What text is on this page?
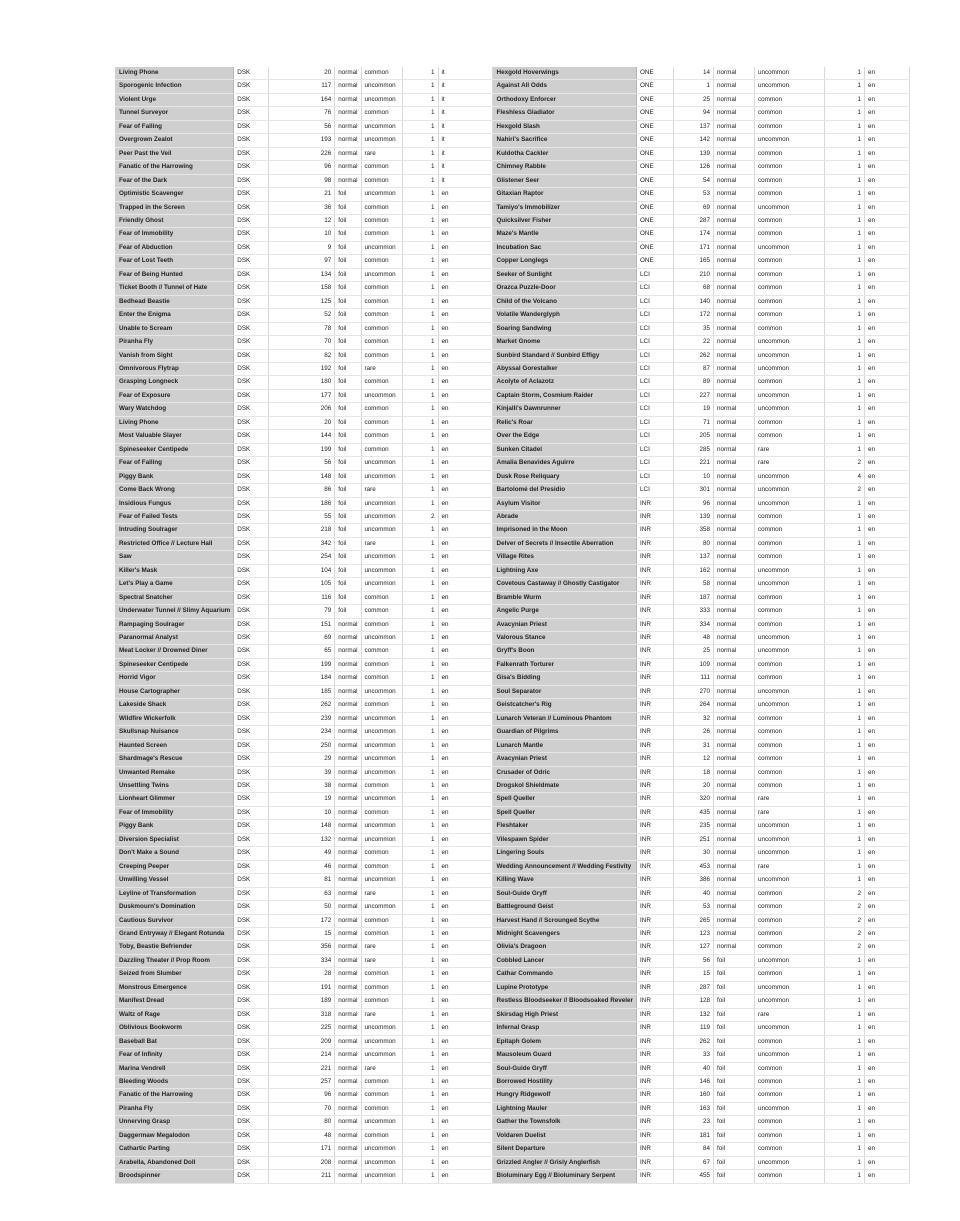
Living Phone	DSK	20	normal	common	1	it
Sporogenic Infection	DSK	117	normal	uncommon	1	it
Violent Urge	DSK	164	normal	uncommon	1	it
Tunnel Surveyor	DSK	76	normal	common	1	it
Fear of Falling	DSK	56	normal	uncommon	1	it
Overgrown Zealot	DSK	193	normal	uncommon	1	it
Peer Past the Veil	DSK	226	normal	rare	1	it
Fanatic of the Harrowing	DSK	96	normal	common	1	it
Fear of the Dark	DSK	98	normal	common	1	it
Optimistic Scavenger	DSK	21	foil	uncommon	1	en
Trapped in the Screen	DSK	36	foil	common	1	en
Friendly Ghost	DSK	12	foil	common	1	en
Fear of Immobility	DSK	10	foil	common	1	en
Fear of Abduction	DSK	9	foil	uncommon	1	en
Fear of Lost Teeth	DSK	97	foil	common	1	en
Fear of Being Hunted	DSK	134	foil	uncommon	1	en
Ticket Booth // Tunnel of Hate	DSK	158	foil	common	1	en
Bedhead Beastie	DSK	125	foil	common	1	en
Enter the Enigma	DSK	52	foil	common	1	en
Unable to Scream	DSK	78	foil	common	1	en
Piranha Fly	DSK	70	foil	common	1	en
Vanish from Sight	DSK	82	foil	common	1	en
Omnivorous Flytrap	DSK	192	foil	rare	1	en
Grasping Longneck	DSK	180	foil	common	1	en
Fear of Exposure	DSK	177	foil	uncommon	1	en
Wary Watchdog	DSK	206	foil	common	1	en
Living Phone	DSK	20	foil	common	1	en
Most Valuable Slayer	DSK	144	foil	common	1	en
Spineseeker Centipede	DSK	199	foil	common	1	en
Fear of Falling	DSK	56	foil	uncommon	1	en
Piggy Bank	DSK	148	foil	uncommon	1	en
Come Back Wrong	DSK	86	foil	rare	1	en
Insidious Fungus	DSK	186	foil	uncommon	1	en
Fear of Failed Tests	DSK	55	foil	uncommon	2	en
Intruding Soulrager	DSK	218	foil	uncommon	1	en
Restricted Office // Lecture Hall	DSK	342	foil	rare	1	en
Saw	DSK	254	foil	uncommon	1	en
Killer's Mask	DSK	104	foil	uncommon	1	en
Let's Play a Game	DSK	105	foil	uncommon	1	en
Spectral Snatcher	DSK	116	foil	common	1	en
Underwater Tunnel // Slimy Aquarium	DSK	79	foil	common	1	en
Rampaging Soulrager	DSK	151	normal	common	1	en
Paranormal Analyst	DSK	69	normal	uncommon	1	en
Meat Locker // Drowned Diner	DSK	65	normal	common	1	en
Spineseeker Centipede	DSK	199	normal	common	1	en
Horrid Vigor	DSK	184	normal	common	1	en
House Cartographer	DSK	185	normal	uncommon	1	en
Lakeside Shack	DSK	262	normal	common	1	en
Wildfire Wickerfolk	DSK	239	normal	uncommon	1	en
Skullsnap Nuisance	DSK	234	normal	uncommon	1	en
Haunted Screen	DSK	250	normal	uncommon	1	en
Shardmage's Rescue	DSK	29	normal	uncommon	1	en
Unwanted Remake	DSK	39	normal	uncommon	1	en
Unsettling Twins	DSK	38	normal	common	1	en
Lionheart Glimmer	DSK	19	normal	uncommon	1	en
Fear of Immobility	DSK	10	normal	common	1	en
Piggy Bank	DSK	148	normal	uncommon	1	en
Diversion Specialist	DSK	132	normal	uncommon	1	en
Don't Make a Sound	DSK	49	normal	common	1	en
Creeping Peeper	DSK	46	normal	common	1	en
Unwilling Vessel	DSK	81	normal	uncommon	1	en
Leyline of Transformation	DSK	63	normal	rare	1	en
Duskmourn's Domination	DSK	50	normal	uncommon	1	en
Cautious Survivor	DSK	172	normal	common	1	en
Grand Entryway // Elegant Rotunda	DSK	15	normal	common	1	en
Toby, Beastie Befriender	DSK	356	normal	rare	1	en
Dazzling Theater // Prop Room	DSK	334	normal	rare	1	en
Seized from Slumber	DSK	28	normal	common	1	en
Monstrous Emergence	DSK	191	normal	common	1	en
Manifest Dread	DSK	189	normal	common	1	en
Waltz of Rage	DSK	318	normal	rare	1	en
Oblivious Bookworm	DSK	225	normal	uncommon	1	en
Baseball Bat	DSK	209	normal	uncommon	1	en
Fear of Infinity	DSK	214	normal	uncommon	1	en
Marina Vendrell	DSK	221	normal	rare	1	en
Bleeding Woods	DSK	257	normal	common	1	en
Fanatic of the Harrowing	DSK	96	normal	common	1	en
Piranha Fly	DSK	70	normal	common	1	en
Unnerving Grasp	DSK	80	normal	uncommon	1	en
Daggermaw Megalodon	DSK	48	normal	common	1	en
Cathartic Parting	DSK	171	normal	uncommon	1	en
Arabella, Abandoned Doll	DSK	208	normal	uncommon	1	en
Broodspinner	DSK	211	normal	uncommon	1	en
Hexgold Hoverwings	ONE	14	normal	uncommon	1	en
Against All Odds	ONE	1	normal	uncommon	1	en
Orthodoxy Enforcer	ONE	25	normal	common	1	en
Fleshless Gladiator	ONE	94	normal	common	1	en
Hexgold Slash	ONE	137	normal	common	1	en
Nahiri's Sacrifice	ONE	142	normal	uncommon	1	en
Kuldotha Cackler	ONE	139	normal	common	1	en
Chimney Rabble	ONE	126	normal	common	1	en
Glistener Seer	ONE	54	normal	common	1	en
Gitaxian Raptor	ONE	53	normal	common	1	en
Tamiyo's Immobilizer	ONE	69	normal	uncommon	1	en
Quicksilver Fisher	ONE	287	normal	common	1	en
Maze's Mantle	ONE	174	normal	common	1	en
Incubation Sac	ONE	171	normal	uncommon	1	en
Copper Longlegs	ONE	165	normal	common	1	en
Seeker of Sunlight	LCI	210	normal	common	1	en
Orazca Puzzle-Door	LCI	68	normal	common	1	en
Child of the Volcano	LCI	140	normal	common	1	en
Volatile Wanderglyph	LCI	172	normal	common	1	en
Soaring Sandwing	LCI	35	normal	common	1	en
Market Gnome	LCI	22	normal	uncommon	1	en
Sunbird Standard // Sunbird Effigy	LCI	262	normal	uncommon	1	en
Abyssal Gorestalker	LCI	87	normal	uncommon	1	en
Acolyte of Aclazotz	LCI	89	normal	common	1	en
Captain Storm, Cosmium Raider	LCI	227	normal	uncommon	1	en
Kinjalli's Dawnrunner	LCI	19	normal	uncommon	1	en
Relic's Roar	LCI	71	normal	common	1	en
Over the Edge	LCI	205	normal	common	1	en
Sunken Citadel	LCI	285	normal	rare	1	en
Amalia Benavides Aguirre	LCI	221	normal	rare	2	en
Dusk Rose Reliquary	LCI	10	normal	uncommon	4	en
Bartolomé del Presidio	LCI	301	normal	uncommon	2	en
Asylum Visitor	INR	96	normal	uncommon	1	en
Abrade	INR	139	normal	common	1	en
Imprisoned in the Moon	INR	358	normal	common	1	en
Delver of Secrets // Insectile Aberration	INR	80	normal	common	1	en
Village Rites	INR	137	normal	common	1	en
Lightning Axe	INR	162	normal	uncommon	1	en
Covetous Castaway // Ghostly Castigator	INR	58	normal	uncommon	1	en
Bramble Wurm	INR	187	normal	common	1	en
Angelic Purge	INR	333	normal	common	1	en
Avacynian Priest	INR	334	normal	common	1	en
Valorous Stance	INR	48	normal	uncommon	1	en
Gryff's Boon	INR	25	normal	uncommon	1	en
Falkenrath Torturer	INR	109	normal	common	1	en
Gisa's Bidding	INR	111	normal	common	1	en
Soul Separator	INR	270	normal	uncommon	1	en
Geistcatcher's Rig	INR	264	normal	uncommon	1	en
Lunarch Veteran // Luminous Phantom	INR	32	normal	common	1	en
Guardian of Pilgrims	INR	26	normal	common	1	en
Lunarch Mantle	INR	31	normal	common	1	en
Avacynian Priest	INR	12	normal	common	1	en
Crusader of Odric	INR	18	normal	common	1	en
Drogskol Shieldmate	INR	20	normal	common	1	en
Spell Queller	INR	320	normal	rare	1	en
Spell Queller	INR	435	normal	rare	1	en
Fleshtaker	INR	235	normal	uncommon	1	en
Vilespawn Spider	INR	251	normal	uncommon	1	en
Lingering Souls	INR	30	normal	uncommon	1	en
Wedding Announcement // Wedding Festivity	INR	453	normal	rare	1	en
Killing Wave	INR	386	normal	uncommon	1	en
Soul-Guide Gryff	INR	40	normal	common	2	en
Battleground Geist	INR	53	normal	common	2	en
Harvest Hand // Scrounged Scythe	INR	265	normal	common	2	en
Midnight Scavengers	INR	123	normal	common	2	en
Olivia's Dragoon	INR	127	normal	common	2	en
Cobbled Lancer	INR	56	foil	uncommon	1	en
Cathar Commando	INR	15	foil	common	1	en
Lupine Prototype	INR	287	foil	uncommon	1	en
Restless Bloodseeker // Bloodsoaked Reveler	INR	128	foil	uncommon	1	en
Skirsdag High Priest	INR	132	foil	rare	1	en
Infernal Grasp	INR	119	foil	uncommon	1	en
Epitaph Golem	INR	262	foil	common	1	en
Mausoleum Guard	INR	33	foil	uncommon	1	en
Soul-Guide Gryff	INR	40	foil	common	1	en
Borrowed Hostility	INR	146	foil	common	1	en
Hungry Ridgewolf	INR	160	foil	common	1	en
Lightning Mauler	INR	163	foil	uncommon	1	en
Gather the Townsfolk	INR	23	foil	common	1	en
Voldaren Duelist	INR	181	foil	common	1	en
Silent Departure	INR	84	foil	common	1	en
Grizzled Angler // Grisly Anglerfish	INR	67	foil	uncommon	1	en
Bioluminary Egg // Bioluminary Serpent	INR	455	foil	common	1	en
